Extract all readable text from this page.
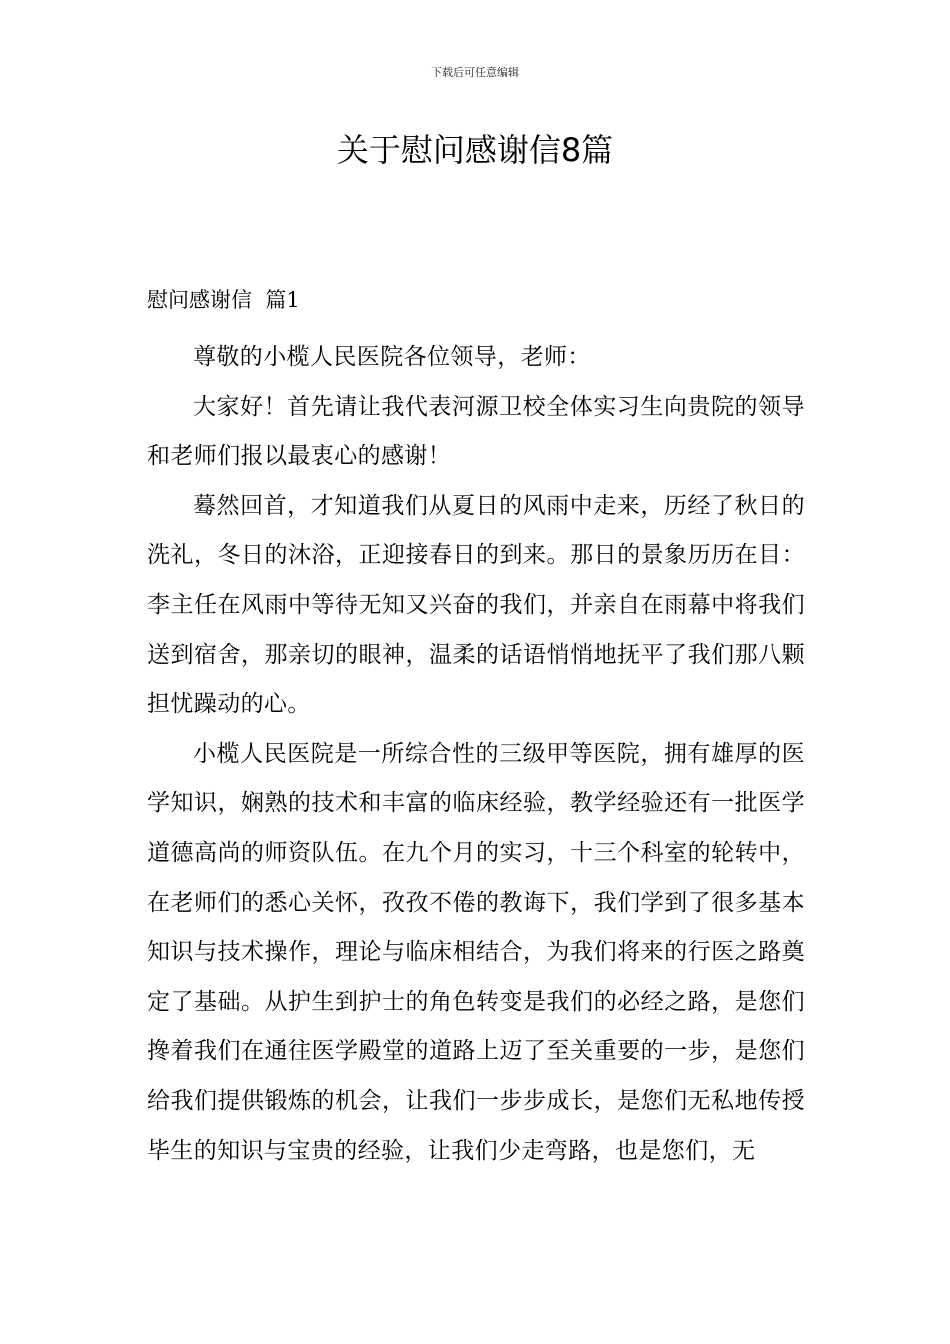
下载后可任意编辑
关于慰问感谢信8篇
慰问感谢信  篇1

尊敬的小榄人民医院各位领导，老师：

大家好！首先请让我代表河源卫校全体实习生向贵院的领导和老师们报以最衷心的感谢！

蓦然回首，才知道我们从夏日的风雨中走来，历经了秋日的洗礼，冬日的沐浴，正迎接春日的到来。那日的景象历历在目：李主任在风雨中等待无知又兴奋的我们，并亲自在雨幕中将我们送到宿舍，那亲切的眼神，温柔的话语悄悄地抚平了我们那八颗担忧躁动的心。

小榄人民医院是一所综合性的三级甲等医院，拥有雄厚的医学知识，娴熟的技术和丰富的临床经验，教学经验还有一批医学道德高尚的师资队伍。在九个月的实习，十三个科室的轮转中，在老师们的悉心关怀，孜孜不倦的教诲下，我们学到了很多基本知识与技术操作，理论与临床相结合，为我们将来的行医之路奠定了基础。从护生到护士的角色转变是我们的必经之路，是您们搀着我们在通往医学殿堂的道路上迈了至关重要的一步，是您们给我们提供锻炼的机会，让我们一步步成长，是您们无私地传授毕生的知识与宝贵的经验，让我们少走弯路，也是您们，无
